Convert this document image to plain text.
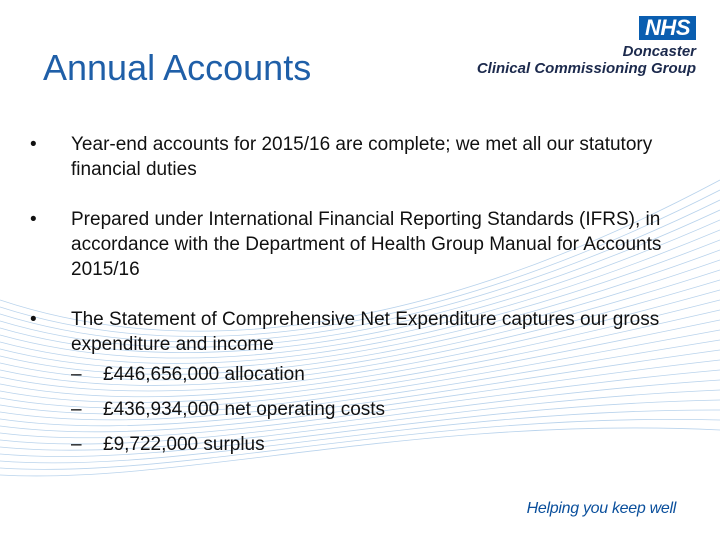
Annual Accounts
NHS
Doncaster
Clinical Commissioning Group
• Year-end accounts for 2015/16 are complete; we met all our statutory financial duties
• Prepared under International Financial Reporting Standards (IFRS), in accordance with the Department of Health Group Manual for Accounts 2015/16
• The Statement of Comprehensive Net Expenditure captures our gross expenditure and income
– £446,656,000 allocation
– £436,934,000 net operating costs
– £9,722,000 surplus
Helping you keep well
